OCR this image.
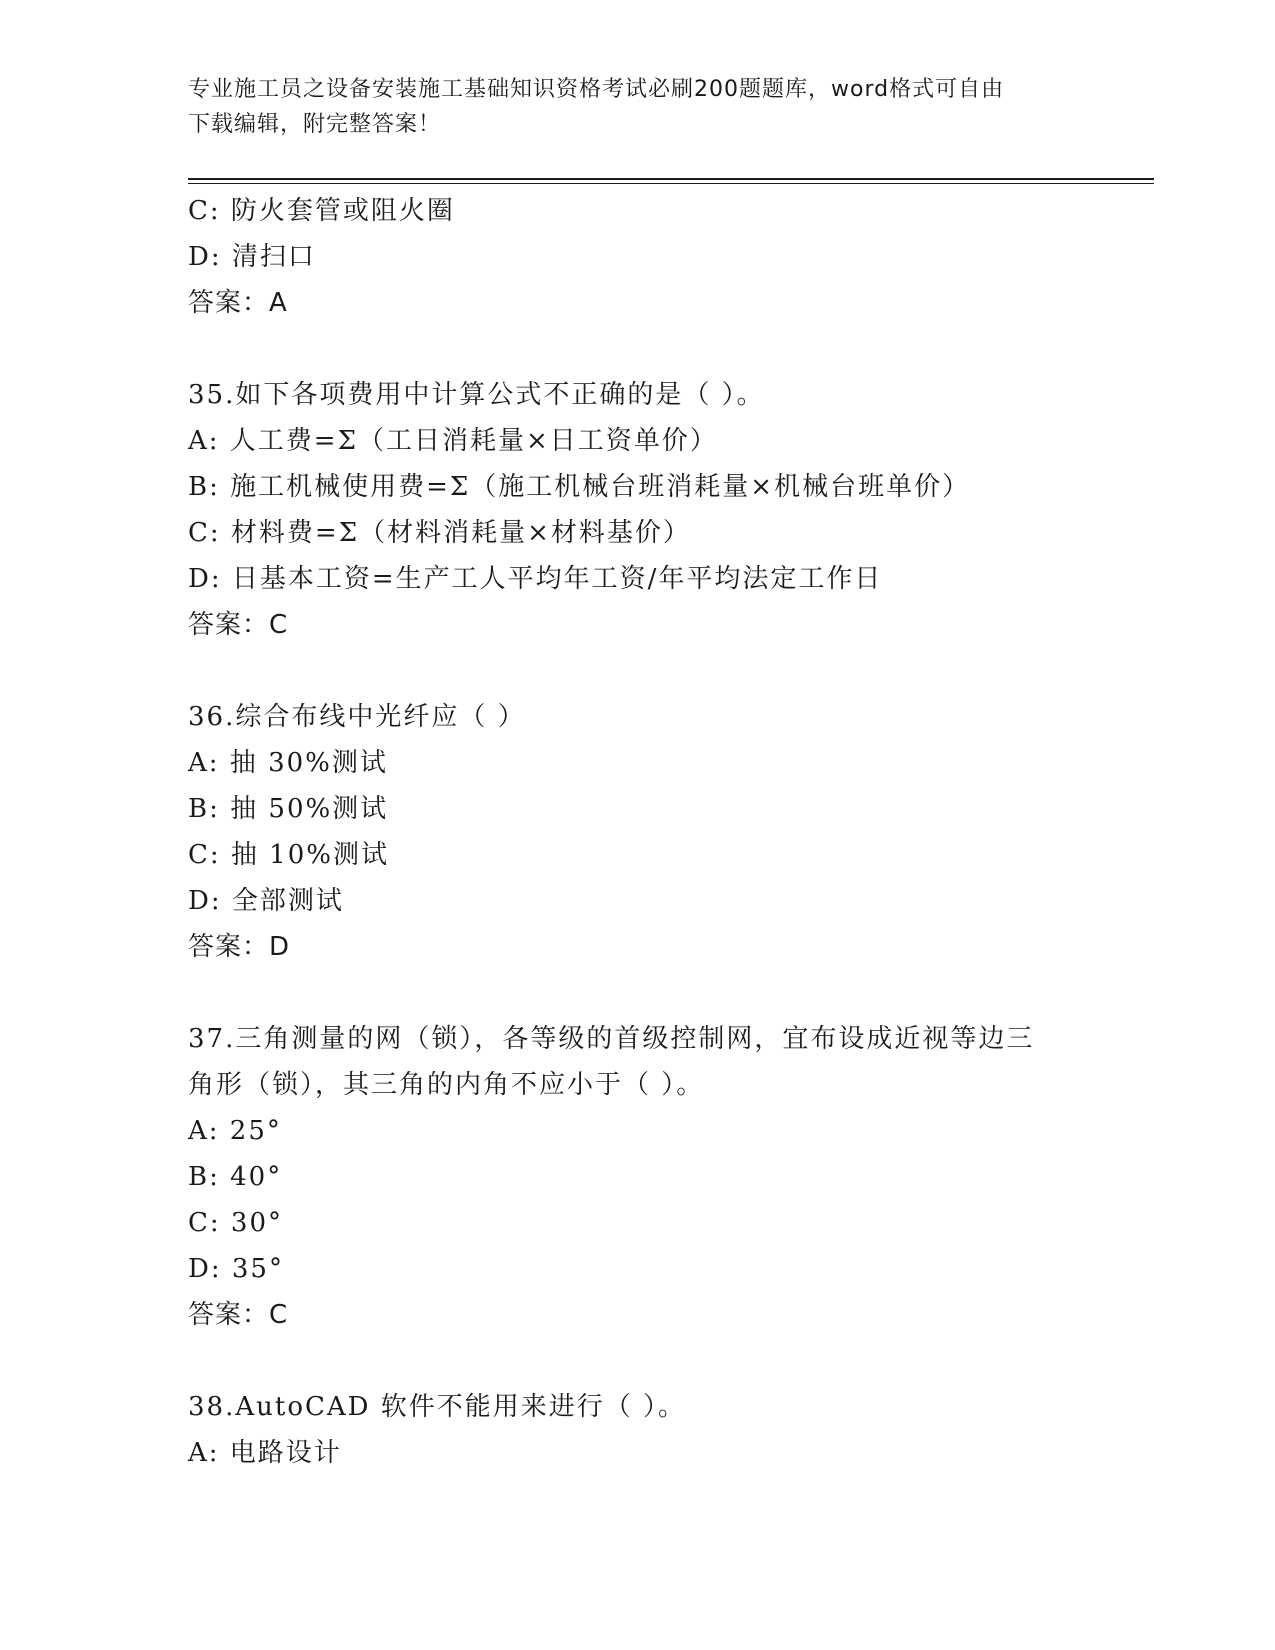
专业施工员之设备安装施工基础知识资格考试必刷200题题库，word格式可自由
下载编辑，附完整答案！
C: 防火套管或阻火圈
D: 清扫口
答案：A
35.如下各项费用中计算公式不正确的是（ ）。
A: 人工费=Σ（工日消耗量×日工资单价）
B: 施工机械使用费=Σ（施工机械台班消耗量×机械台班单价）
C: 材料费=Σ（材料消耗量×材料基价）
D: 日基本工资=生产工人平均年工资/年平均法定工作日
答案：C
36.综合布线中光纤应（ ）
A: 抽 30%测试
B: 抽 50%测试
C: 抽 10%测试
D: 全部测试
答案：D
37.三角测量的网（锁），各等级的首级控制网，宜布设成近视等边三
角形（锁），其三角的内角不应小于（ ）。
A: 25°
B: 40°
C: 30°
D: 35°
答案：C
38.AutoCAD 软件不能用来进行（ ）。
A: 电路设计
